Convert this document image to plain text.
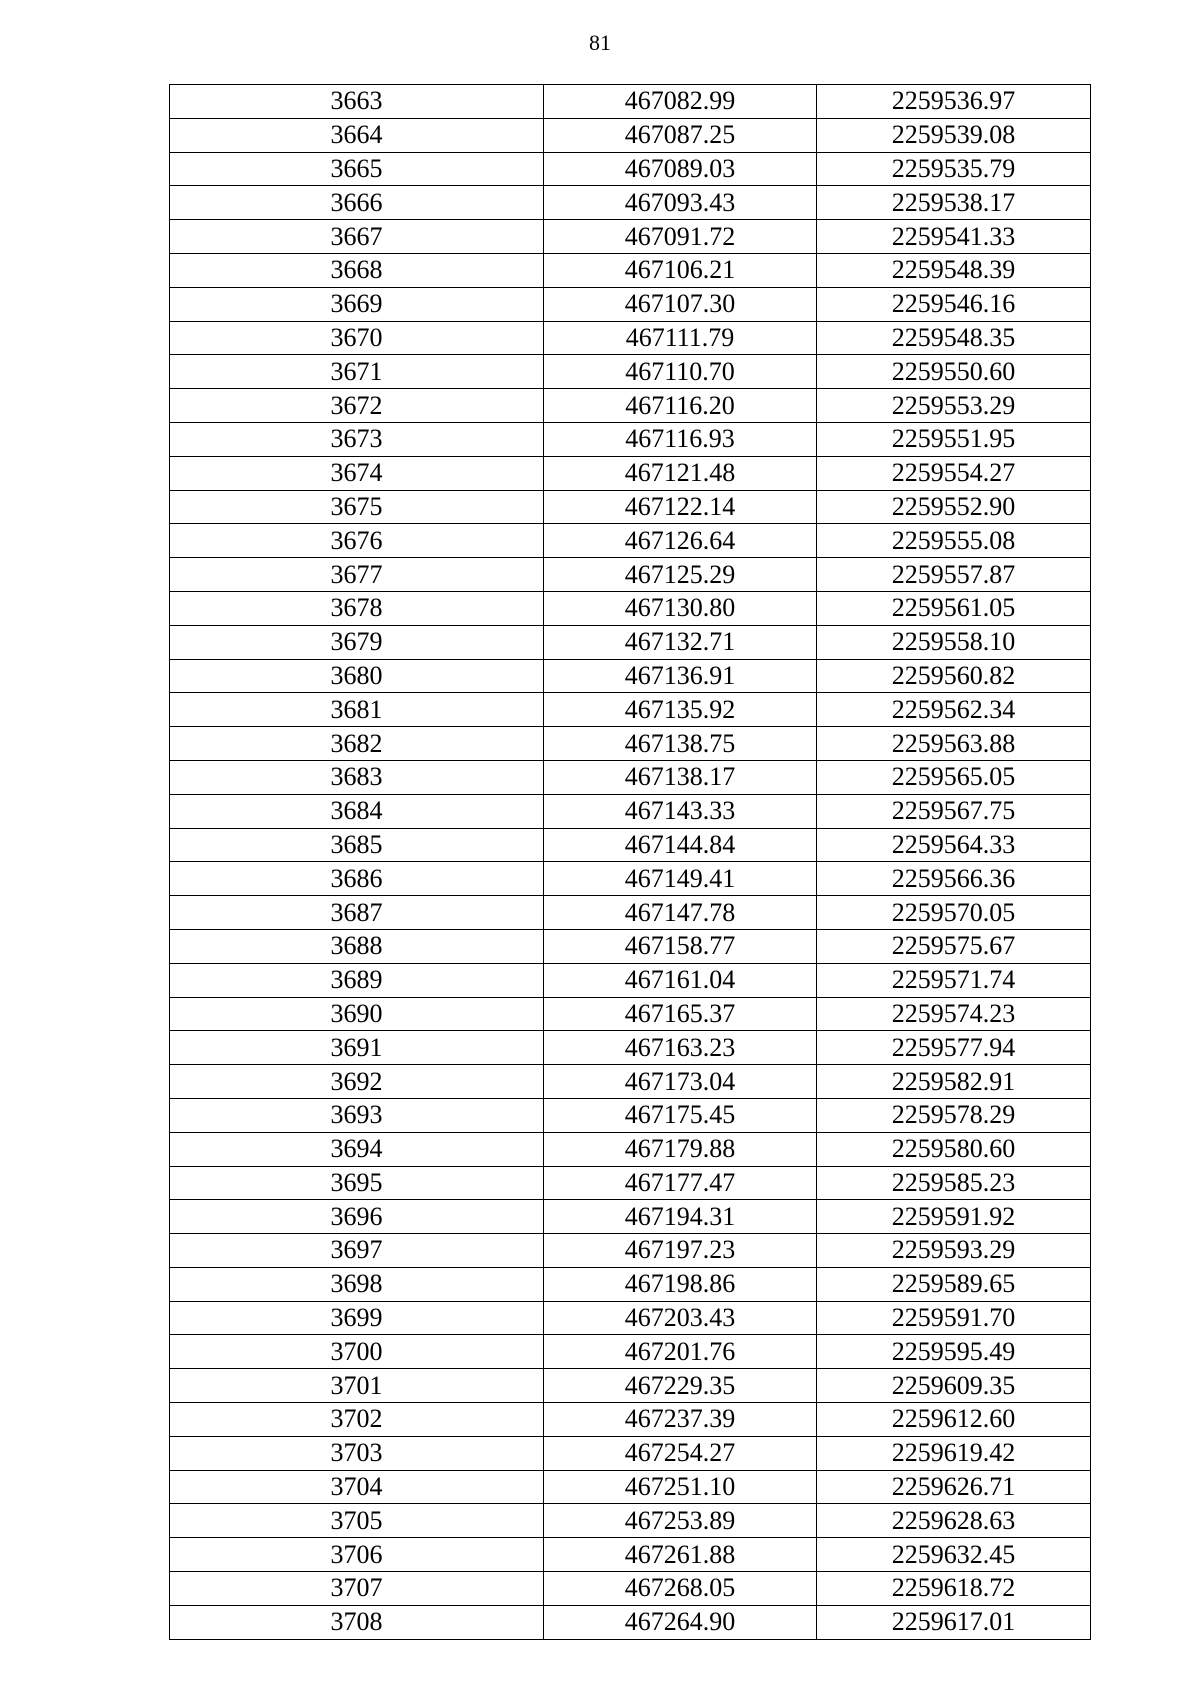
81
3663	467082.99	2259536.97
3664	467087.25	2259539.08
3665	467089.03	2259535.79
3666	467093.43	2259538.17
3667	467091.72	2259541.33
3668	467106.21	2259548.39
3669	467107.30	2259546.16
3670	467111.79	2259548.35
3671	467110.70	2259550.60
3672	467116.20	2259553.29
3673	467116.93	2259551.95
3674	467121.48	2259554.27
3675	467122.14	2259552.90
3676	467126.64	2259555.08
3677	467125.29	2259557.87
3678	467130.80	2259561.05
3679	467132.71	2259558.10
3680	467136.91	2259560.82
3681	467135.92	2259562.34
3682	467138.75	2259563.88
3683	467138.17	2259565.05
3684	467143.33	2259567.75
3685	467144.84	2259564.33
3686	467149.41	2259566.36
3687	467147.78	2259570.05
3688	467158.77	2259575.67
3689	467161.04	2259571.74
3690	467165.37	2259574.23
3691	467163.23	2259577.94
3692	467173.04	2259582.91
3693	467175.45	2259578.29
3694	467179.88	2259580.60
3695	467177.47	2259585.23
3696	467194.31	2259591.92
3697	467197.23	2259593.29
3698	467198.86	2259589.65
3699	467203.43	2259591.70
3700	467201.76	2259595.49
3701	467229.35	2259609.35
3702	467237.39	2259612.60
3703	467254.27	2259619.42
3704	467251.10	2259626.71
3705	467253.89	2259628.63
3706	467261.88	2259632.45
3707	467268.05	2259618.72
3708	467264.90	2259617.01
